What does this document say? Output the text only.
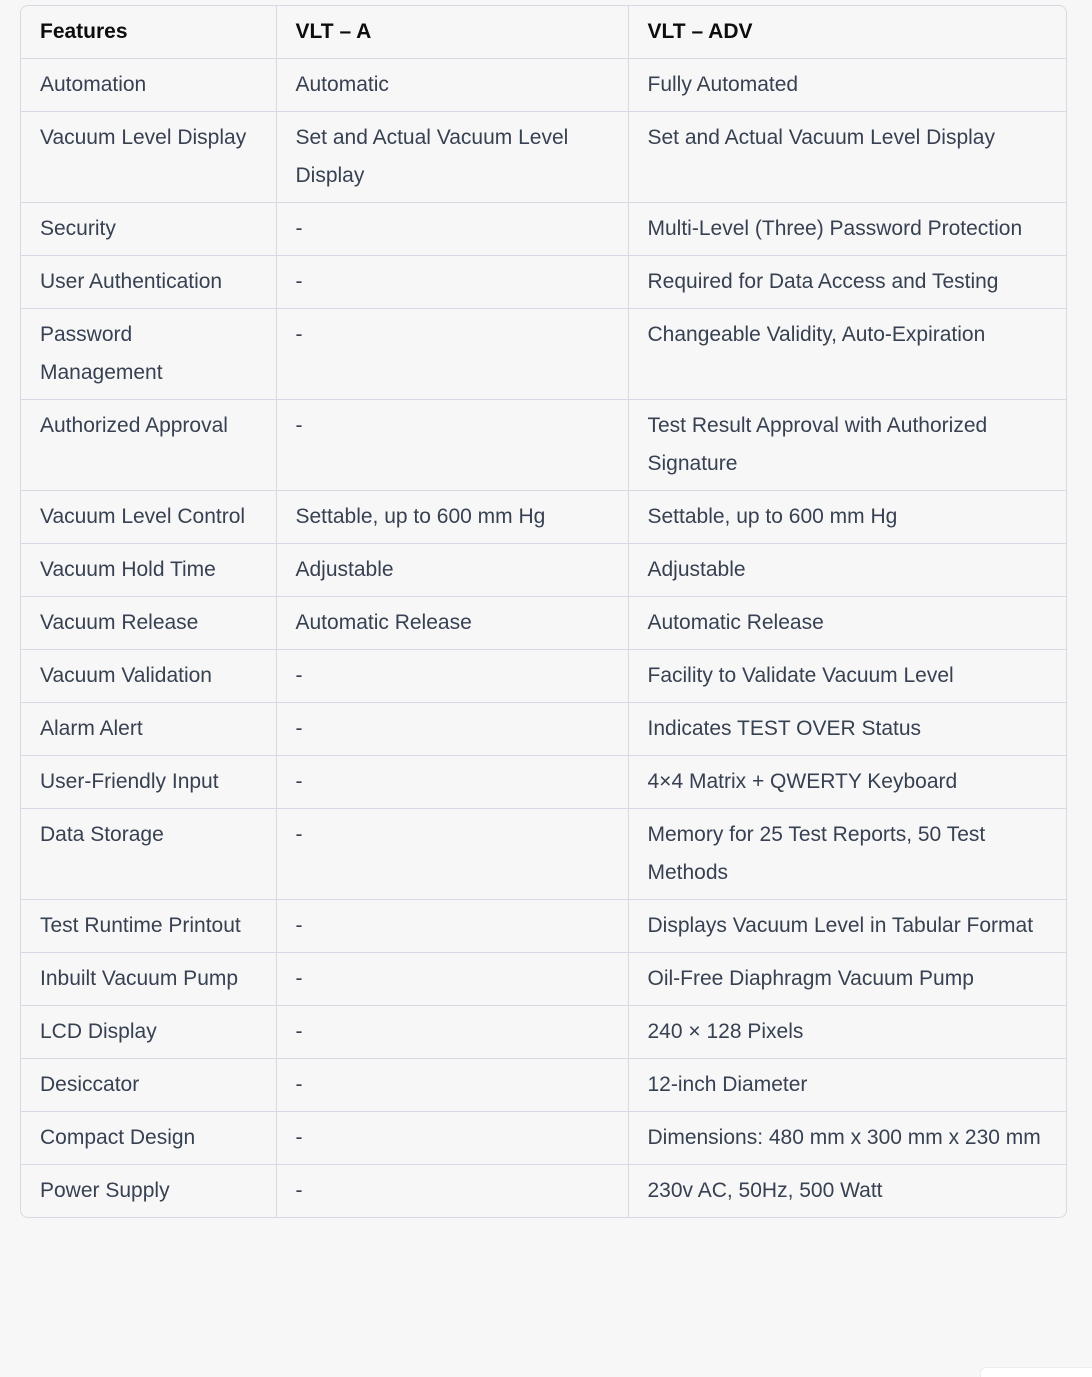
Features	VLT – A	VLT – ADV
Automation	Automatic	Fully Automated
Vacuum Level Display	Set and Actual Vacuum Level Display	Set and Actual Vacuum Level Display
Security	-	Multi-Level (Three) Password Protection
User Authentication	-	Required for Data Access and Testing
Password Management	-	Changeable Validity, Auto-Expiration
Authorized Approval	-	Test Result Approval with Authorized Signature
Vacuum Level Control	Settable, up to 600 mm Hg	Settable, up to 600 mm Hg
Vacuum Hold Time	Adjustable	Adjustable
Vacuum Release	Automatic Release	Automatic Release
Vacuum Validation	-	Facility to Validate Vacuum Level
Alarm Alert	-	Indicates TEST OVER Status
User-Friendly Input	-	4×4 Matrix + QWERTY Keyboard
Data Storage	-	Memory for 25 Test Reports, 50 Test Methods
Test Runtime Printout	-	Displays Vacuum Level in Tabular Format
Inbuilt Vacuum Pump	-	Oil-Free Diaphragm Vacuum Pump
LCD Display	-	240 × 128 Pixels
Desiccator	-	12-inch Diameter
Compact Design	-	Dimensions: 480 mm x 300 mm x 230 mm
Power Supply	-	230v AC, 50Hz, 500 Watt
